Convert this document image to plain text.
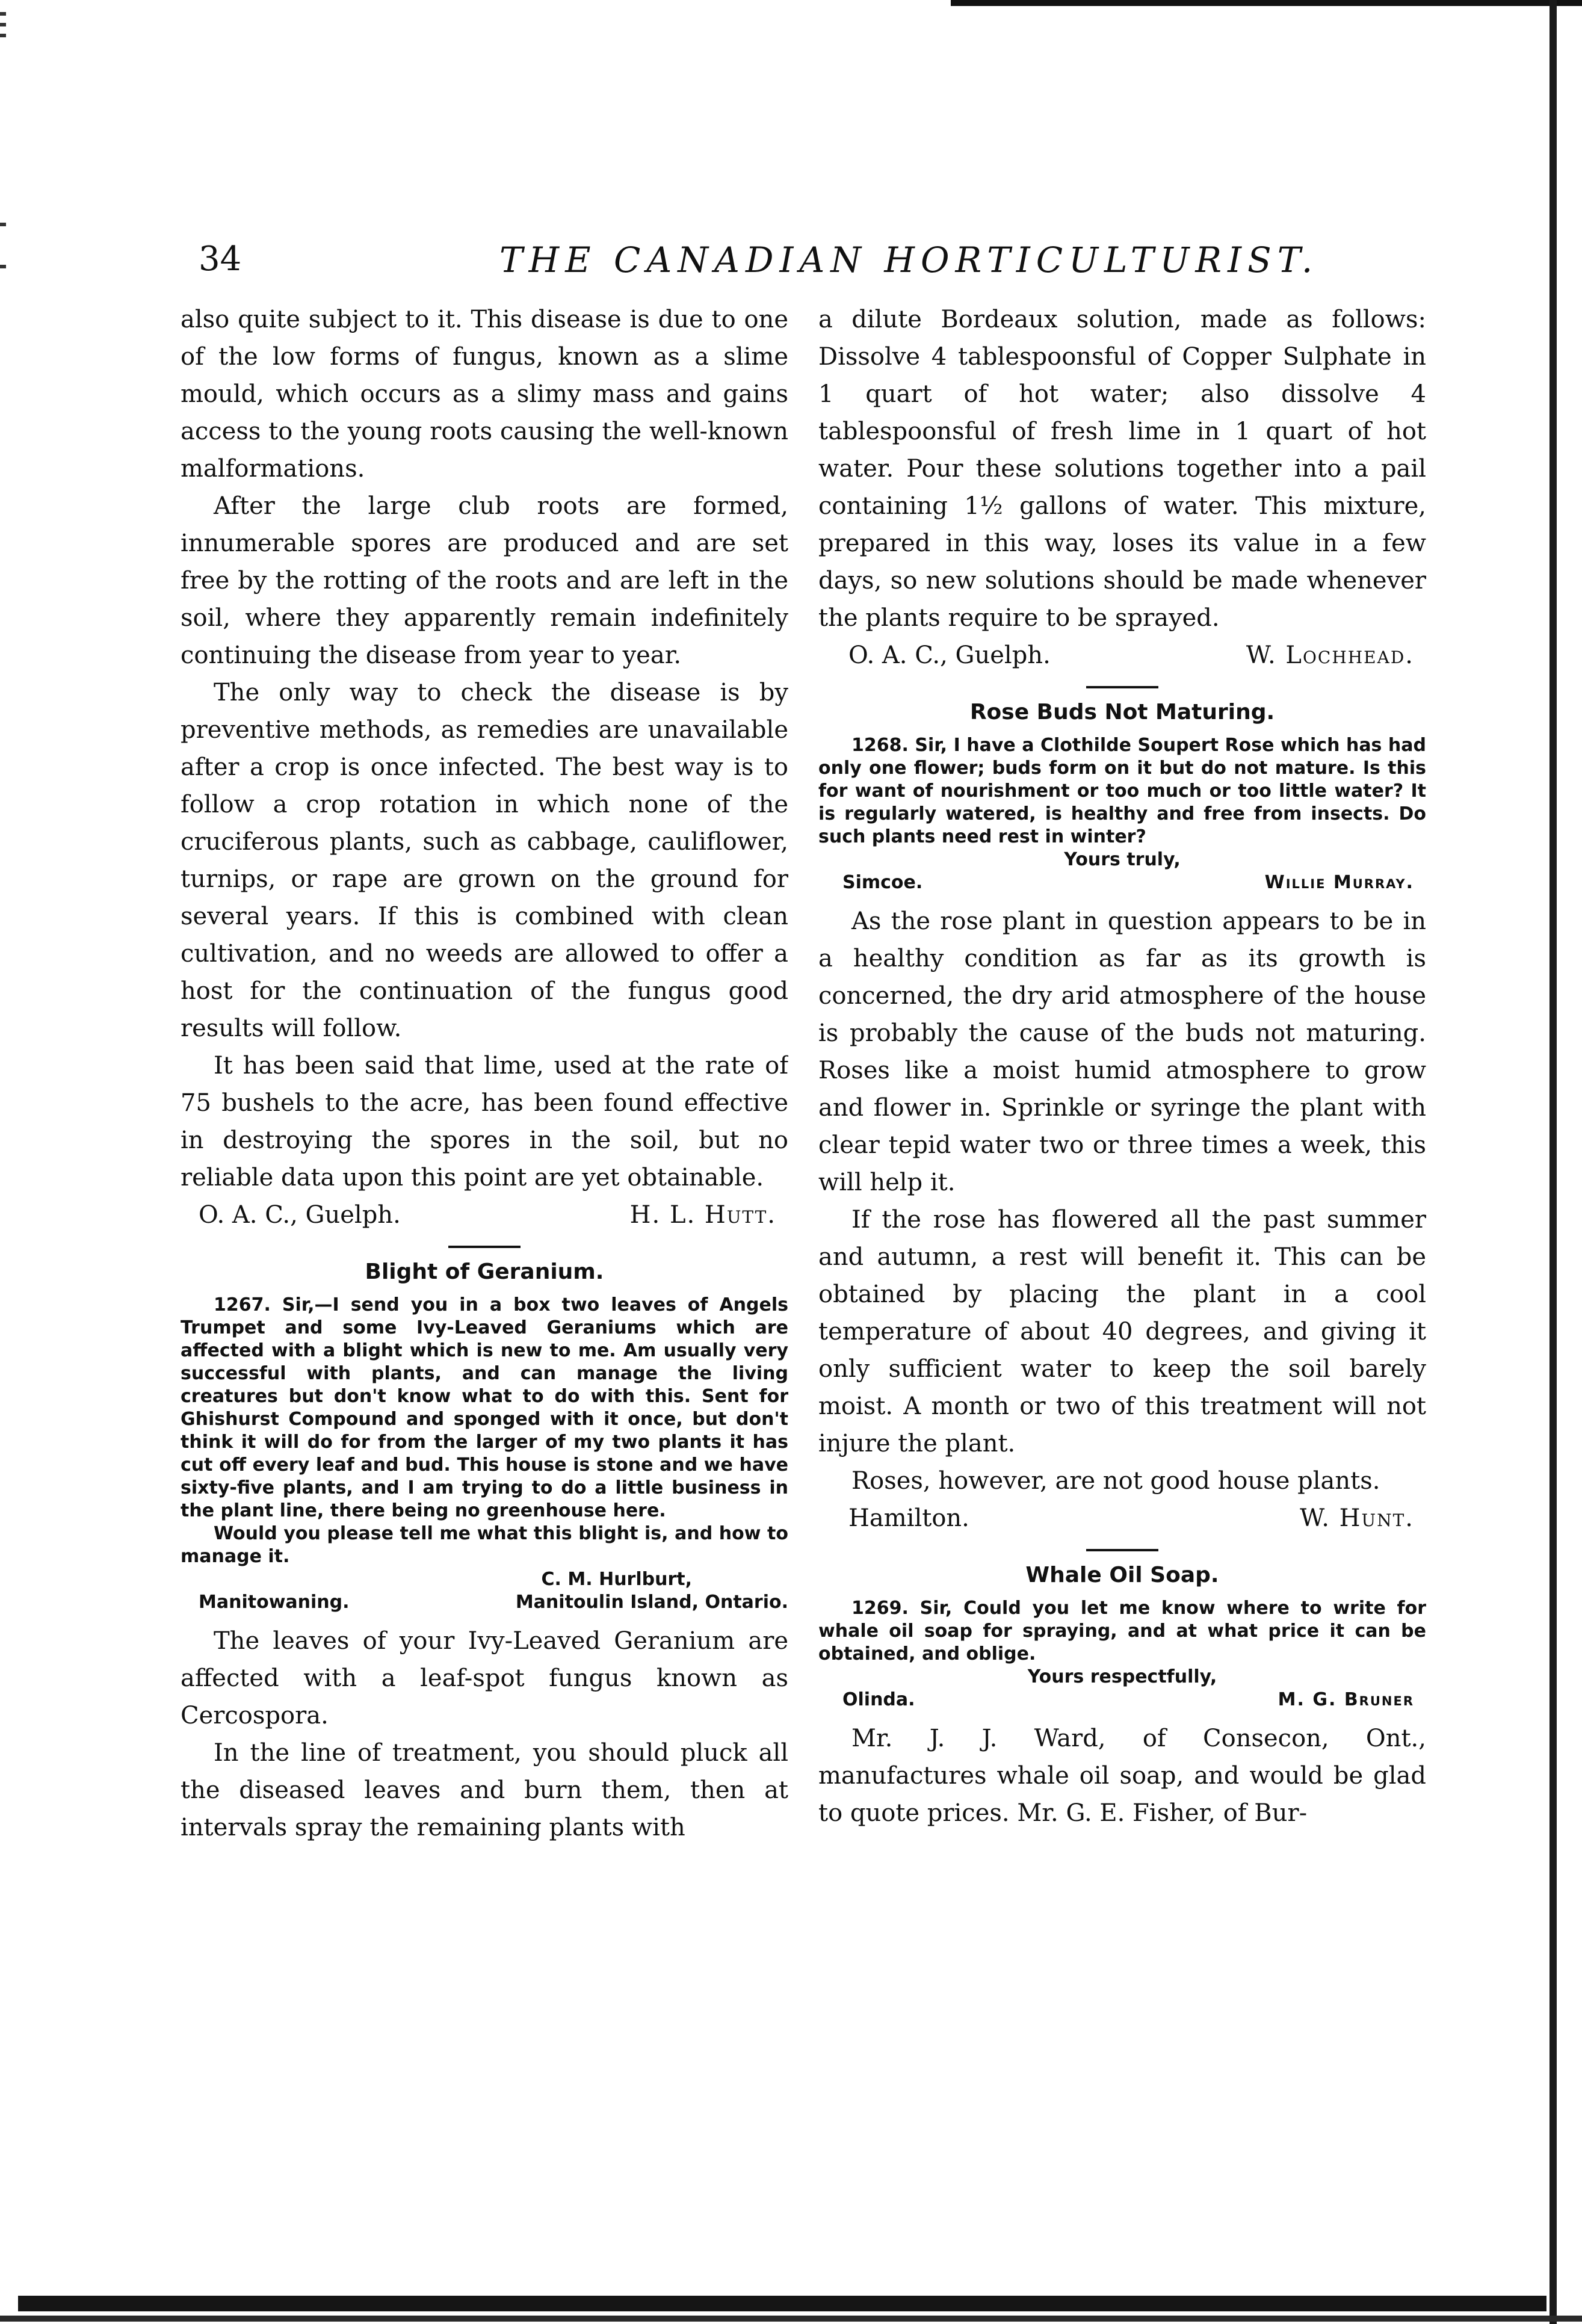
34	THE CANADIAN HORTICULTURIST.

also quite subject to it. This disease is due to one of the low forms of fungus, known as a slime mould, which occurs as a slimy mass and gains access to the young roots causing the well-known malformations.

After the large club roots are formed, innumerable spores are produced and are set free by the rotting of the roots and are left in the soil, where they apparently remain indefinitely continuing the disease from year to year.

The only way to check the disease is by preventive methods, as remedies are unavailable after a crop is once infected. The best way is to follow a crop rotation in which none of the cruciferous plants, such as cabbage, cauliflower, turnips, or rape are grown on the ground for several years. If this is combined with clean cultivation, and no weeds are allowed to offer a host for the continuation of the fungus good results will follow.

It has been said that lime, used at the rate of 75 bushels to the acre, has been found effective in destroying the spores in the soil, but no reliable data upon this point are yet obtainable.

O. A. C., Guelph.	H. L. Hutt.
Blight of Geranium.

1267. Sir,—I send you in a box two leaves of Angels Trumpet and some Ivy-Leaved Geraniums which are affected with a blight which is new to me. Am usually very successful with plants, and can manage the living creatures but don't know what to do with this. Sent for Ghishurst Compound and sponged with it once, but don't think it will do for from the larger of my two plants it has cut off every leaf and bud. This house is stone and we have sixty-five plants, and I am trying to do a little business in the plant line, there being no greenhouse here.

Would you please tell me what this blight is, and how to manage it.

C. M. Hurlburt,
Manitowaning.	Manitoulin Island, Ontario.

The leaves of your Ivy-Leaved Geranium are affected with a leaf-spot fungus known as Cercospora.

In the line of treatment, you should pluck all the diseased leaves and burn them, then at intervals spray the remaining plants with

a dilute Bordeaux solution, made as follows: Dissolve 4 tablespoonsful of Copper Sulphate in 1 quart of hot water; also dissolve 4 tablespoonsful of fresh lime in 1 quart of hot water. Pour these solutions together into a pail containing 1½ gallons of water. This mixture, prepared in this way, loses its value in a few days, so new solutions should be made whenever the plants require to be sprayed.

O. A. C., Guelph.	W. Lochhead.
Rose Buds Not Maturing.

1268. Sir, I have a Clothilde Soupert Rose which has had only one flower; buds form on it but do not mature. Is this for want of nourishment or too much or too little water? It is regularly watered, is healthy and free from insects. Do such plants need rest in winter?

Yours truly,
Simcoe.	Willie Murray.

As the rose plant in question appears to be in a healthy condition as far as its growth is concerned, the dry arid atmosphere of the house is probably the cause of the buds not maturing. Roses like a moist humid atmosphere to grow and flower in. Sprinkle or syringe the plant with clear tepid water two or three times a week, this will help it.

If the rose has flowered all the past summer and autumn, a rest will benefit it. This can be obtained by placing the plant in a cool temperature of about 40 degrees, and giving it only sufficient water to keep the soil barely moist. A month or two of this treatment will not injure the plant.

Roses, however, are not good house plants.

Hamilton.	W. Hunt.
Whale Oil Soap.

1269. Sir, Could you let me know where to write for whale oil soap for spraying, and at what price it can be obtained, and oblige.

Yours respectfully,
Olinda.	M. G. Bruner

Mr. J. J. Ward, of Consecon, Ont., manufactures whale oil soap, and would be glad to quote prices. Mr. G. E. Fisher, of Bur-
